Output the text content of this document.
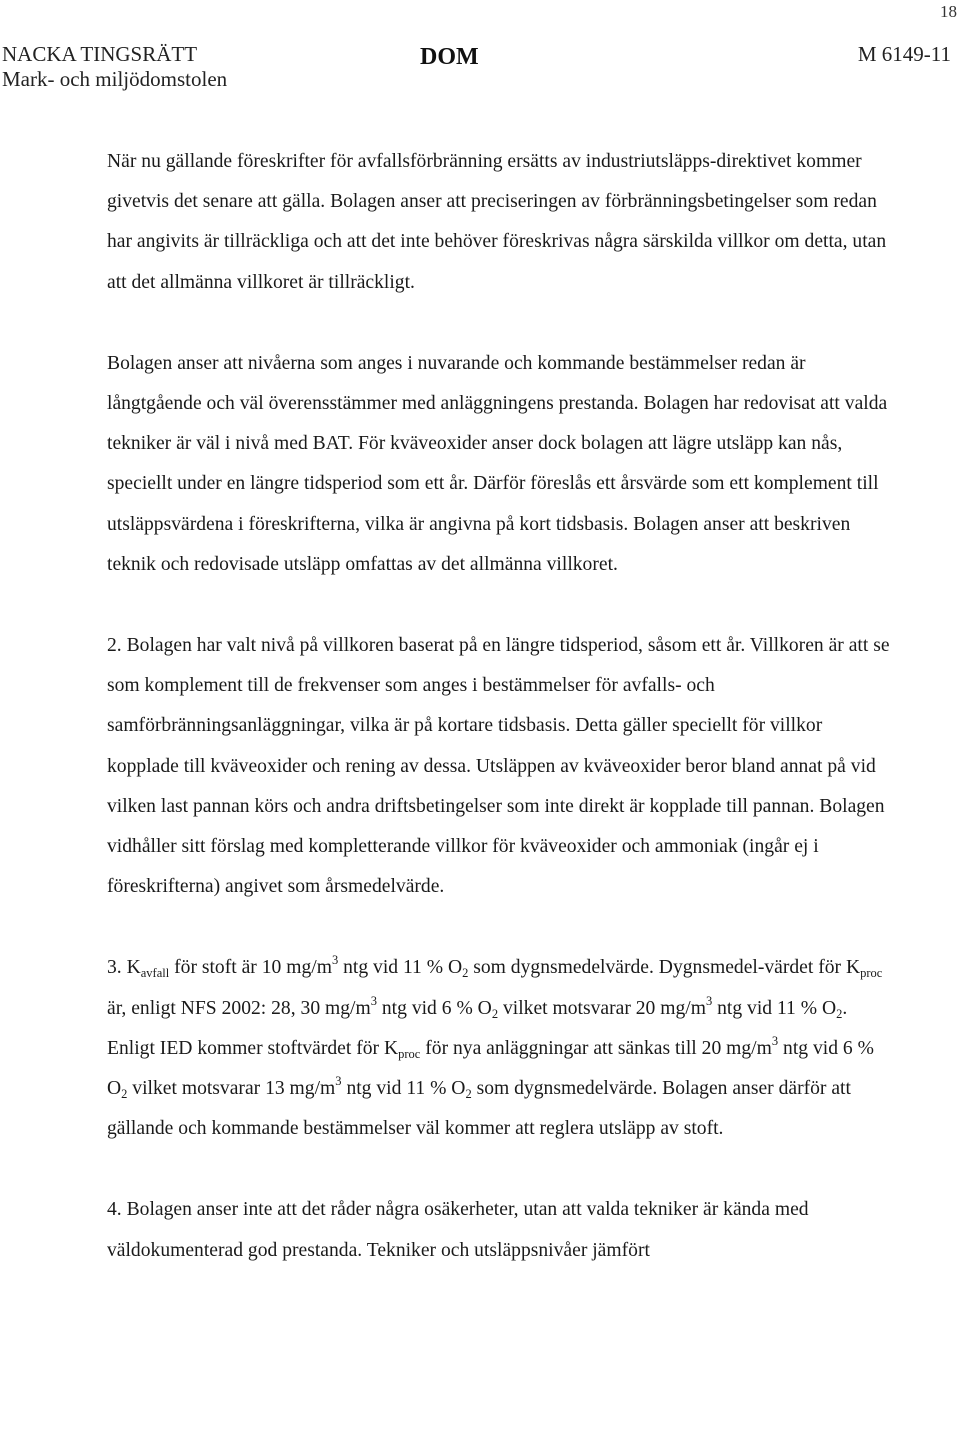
18
NACKA TINGSRÄTT
Mark- och miljödomstolen
DOM	M 6149-11

När nu gällande föreskrifter för avfallsförbränning ersätts av industriutsläpps-direktivet kommer givetvis det senare att gälla. Bolagen anser att preciseringen av förbränningsbetingelser som redan har angivits är tillräckliga och att det inte behöver föreskrivas några särskilda villkor om detta, utan att det allmänna villkoret är tillräckligt.

Bolagen anser att nivåerna som anges i nuvarande och kommande bestämmelser redan är långtgående och väl överensstämmer med anläggningens prestanda. Bolagen har redovisat att valda tekniker är väl i nivå med BAT. För kväveoxider anser dock bolagen att lägre utsläpp kan nås, speciellt under en längre tidsperiod som ett år. Därför föreslås ett årsvärde som ett komplement till utsläppsvärdena i föreskrifterna, vilka är angivna på kort tidsbasis. Bolagen anser att beskriven teknik och redovisade utsläpp omfattas av det allmänna villkoret.

2. Bolagen har valt nivå på villkoren baserat på en längre tidsperiod, såsom ett år. Villkoren är att se som komplement till de frekvenser som anges i bestämmelser för avfalls- och samförbränningsanläggningar, vilka är på kortare tidsbasis. Detta gäller speciellt för villkor kopplade till kväveoxider och rening av dessa. Utsläppen av kväveoxider beror bland annat på vid vilken last pannan körs och andra driftsbetingelser som inte direkt är kopplade till pannan. Bolagen vidhåller sitt förslag med kompletterande villkor för kväveoxider och ammoniak (ingår ej i föreskrifterna) angivet som årsmedelvärde.

3. $K_{avfall}$ för stoft är 10 $mg/m^3$ ntg vid 11 % $O_2$ som dygnsmedelvärde. Dygnsmedel-värdet för $K_{proc}$ är, enligt NFS 2002: 28, 30 $mg/m^3$ ntg vid 6 % $O_2$ vilket motsvarar 20 $mg/m^3$ ntg vid 11 % $O_2$. Enligt IED kommer stoftvärdet för $K_{proc}$ för nya anläggningar att sänkas till 20 $mg/m^3$ ntg vid 6 % $O_2$ vilket motsvarar 13 $mg/m^3$ ntg vid 11 % $O_2$ som dygnsmedelvärde. Bolagen anser därför att gällande och kommande bestämmelser väl kommer att reglera utsläpp av stoft.

4. Bolagen anser inte att det råder några osäkerheter, utan att valda tekniker är kända med väldokumenterad god prestanda. Tekniker och utsläppsnivåer jämfört
